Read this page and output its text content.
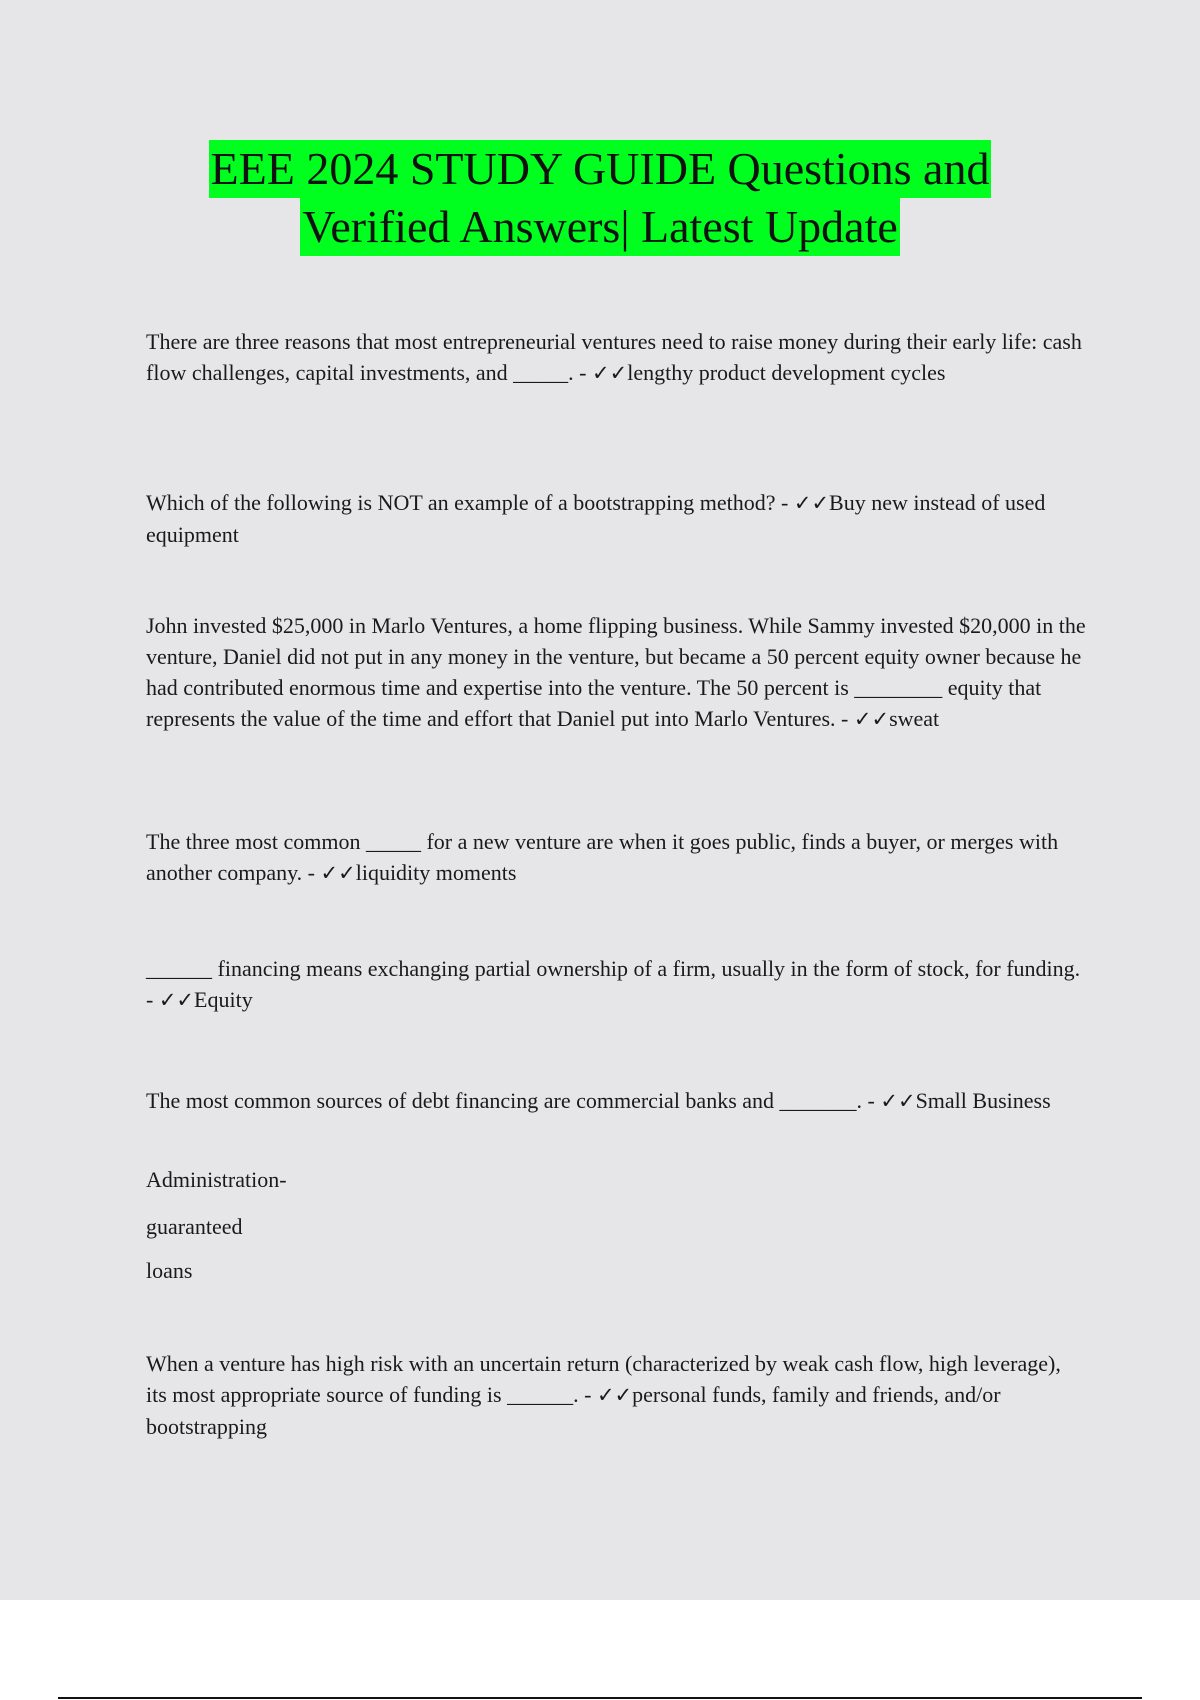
EEE 2024 STUDY GUIDE Questions and
Verified Answers| Latest Update

There are three reasons that most entrepreneurial ventures need to raise money during their early life: cash flow challenges, capital investments, and _____. - ✓✓lengthy product development cycles

Which of the following is NOT an example of a bootstrapping method? - ✓✓Buy new instead of used equipment

John invested $25,000 in Marlo Ventures, a home flipping business. While Sammy invested $20,000 in the venture, Daniel did not put in any money in the venture, but became a 50 percent equity owner because he had contributed enormous time and expertise into the venture. The 50 percent is ________ equity that represents the value of the time and effort that Daniel put into Marlo Ventures. - ✓✓sweat

The three most common _____ for a new venture are when it goes public, finds a buyer, or merges with another company. - ✓✓liquidity moments

______ financing means exchanging partial ownership of a firm, usually in the form of stock, for funding. - ✓✓Equity

The most common sources of debt financing are commercial banks and _______. - ✓✓Small Business

Administration-

guaranteed

loans

When a venture has high risk with an uncertain return (characterized by weak cash flow, high leverage), its most appropriate source of funding is ______. - ✓✓personal funds, family and friends, and/or bootstrapping
